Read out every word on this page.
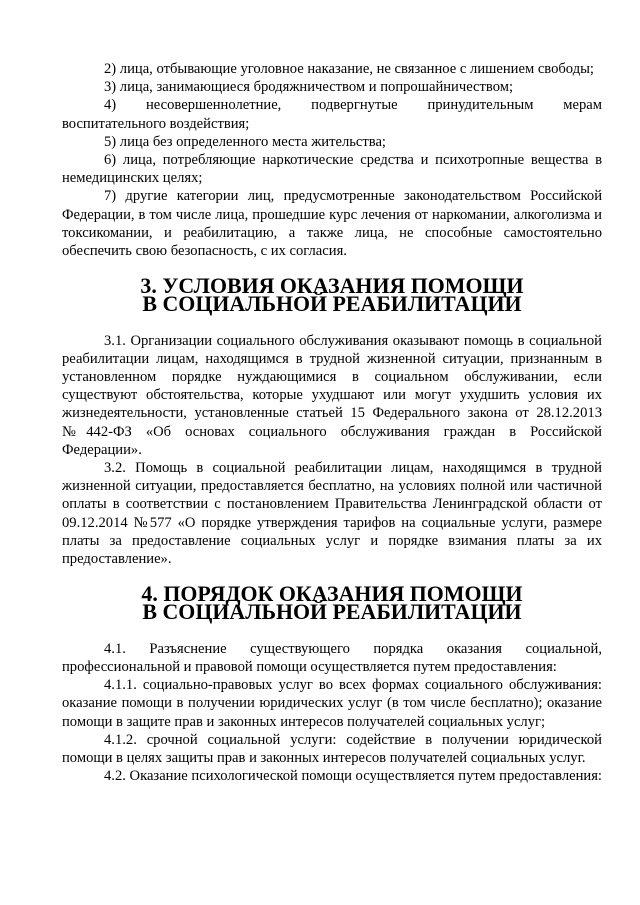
2) лица, отбывающие уголовное наказание, не связанное с лишением свободы;

3) лица, занимающиеся бродяжничеством и попрошайничеством;

4) несовершеннолетние, подвергнутые принудительным мерам воспитательного воздействия;

5) лица без определенного места жительства;

6) лица, потребляющие наркотические средства и психотропные вещества в немедицинских целях;

7) другие категории лиц, предусмотренные законодательством Российской Федерации, в том числе лица, прошедшие курс лечения от наркомании, алкоголизма и токсикомании, и реабилитацию, а также лица, не способные самостоятельно обеспечить свою безопасность, с их согласия.

3. УСЛОВИЯ ОКАЗАНИЯ ПОМОЩИ
В СОЦИАЛЬНОЙ РЕАБИЛИТАЦИИ

3.1. Организации социального обслуживания оказывают помощь в социальной реабилитации лицам, находящимся в трудной жизненной ситуации, признанным в установленном порядке нуждающимися в социальном обслуживании, если существуют обстоятельства, которые ухудшают или могут ухудшить условия их жизнедеятельности, установленные статьей 15 Федерального закона от 28.12.2013 №442-ФЗ «Об основах социального обслуживания граждан в Российской Федерации».

3.2. Помощь в социальной реабилитации лицам, находящимся в трудной жизненной ситуации, предоставляется бесплатно, на условиях полной или частичной оплаты в соответствии с постановлением Правительства Ленинградской области от 09.12.2014 №577 «О порядке утверждения тарифов на социальные услуги, размере платы за предоставление социальных услуг и порядке взимания платы за их предоставление».

4. ПОРЯДОК ОКАЗАНИЯ ПОМОЩИ
В СОЦИАЛЬНОЙ РЕАБИЛИТАЦИИ

4.1. Разъяснение существующего порядка оказания социальной, профессиональной и правовой помощи осуществляется путем предоставления:

4.1.1. социально-правовых услуг во всех формах социального обслуживания: оказание помощи в получении юридических услуг (в том числе бесплатно); оказание помощи в защите прав и законных интересов получателей социальных услуг;

4.1.2. срочной социальной услуги: содействие в получении юридической помощи в целях защиты прав и законных интересов получателей социальных услуг.

4.2. Оказание психологической помощи осуществляется путем предоставления:
